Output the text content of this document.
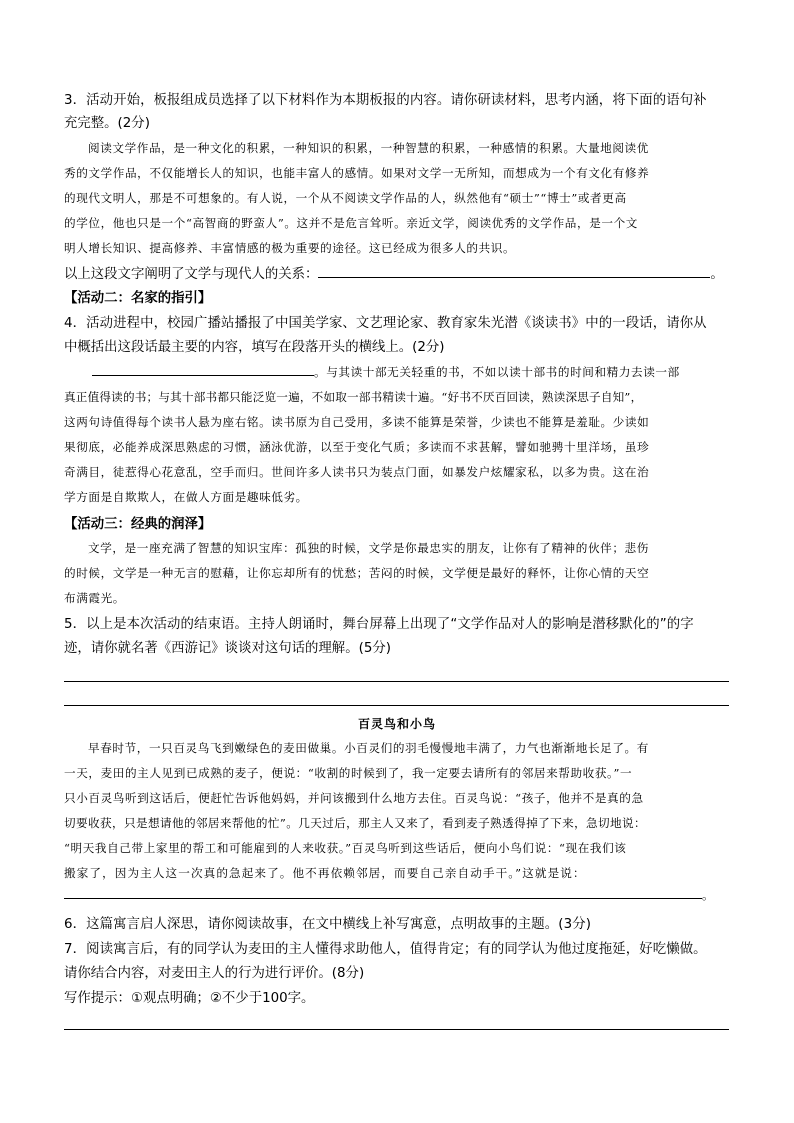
3．活动开始，板报组成员选择了以下材料作为本期板报的内容。请你研读材料，思考内涵，将下面的语句补
充完整。(2分)
阅读文学作品，是一种文化的积累，一种知识的积累，一种智慧的积累，一种感情的积累。大量地阅读优
秀的文学作品，不仅能增长人的知识，也能丰富人的感情。如果对文学一无所知，而想成为一个有文化有修养
的现代文明人，那是不可想象的。有人说，一个从不阅读文学作品的人，纵然他有“硕士”“博士”或者更高
的学位，他也只是一个“高智商的野蛮人”。这并不是危言耸听。亲近文学，阅读优秀的文学作品，是一个文
明人增长知识、提高修养、丰富情感的极为重要的途径。这已经成为很多人的共识。
以上这段文字阐明了文学与现代人的关系：	。
【活动二：名家的指引】
4．活动进程中，校园广播站播报了中国美学家、文艺理论家、教育家朱光潜《谈读书》中的一段话，请你从
中概括出这段话最主要的内容，填写在段落开头的横线上。(2分)
。与其读十部无关轻重的书，不如以读十部书的时间和精力去读一部
真正值得读的书；与其十部书都只能泛览一遍，不如取一部书精读十遍。“好书不厌百回读，熟读深思子自知”，
这两句诗值得每个读书人悬为座右铭。读书原为自己受用，多读不能算是荣誉，少读也不能算是羞耻。少读如
果彻底，必能养成深思熟虑的习惯，涵泳优游，以至于变化气质；多读而不求甚解，譬如驰骋十里洋场，虽珍
奇满目，徒惹得心花意乱，空手而归。世间许多人读书只为装点门面，如暴发户炫耀家私，以多为贵。这在治
学方面是自欺欺人，在做人方面是趣味低劣。
【活动三：经典的润泽】
文学，是一座充满了智慧的知识宝库：孤独的时候，文学是你最忠实的朋友，让你有了精神的伙伴；悲伤
的时候，文学是一种无言的慰藉，让你忘却所有的忧愁；苦闷的时候，文学便是最好的释怀，让你心情的天空
布满霞光。
5．以上是本次活动的结束语。主持人朗诵时，舞台屏幕上出现了“文学作品对人的影响是潜移默化的”的字
迹，请你就名著《西游记》谈谈对这句话的理解。(5分)
百灵鸟和小鸟
早春时节，一只百灵鸟飞到嫩绿色的麦田做巢。小百灵们的羽毛慢慢地丰满了，力气也渐渐地长足了。有
一天，麦田的主人见到已成熟的麦子，便说：“收割的时候到了，我一定要去请所有的邻居来帮助收获。”一
只小百灵鸟听到这话后，便赶忙告诉他妈妈，并问该搬到什么地方去住。百灵鸟说：“孩子，他并不是真的急
切要收获，只是想请他的邻居来帮他的忙”。几天过后，那主人又来了，看到麦子熟透得掉了下来，急切地说：
“明天我自己带上家里的帮工和可能雇到的人来收获。”百灵鸟听到这些话后，便向小鸟们说：“现在我们该
搬家了，因为主人这一次真的急起来了。他不再依赖邻居，而要自己亲自动手干。”这就是说：
。
6．这篇寓言启人深思，请你阅读故事，在文中横线上补写寓意，点明故事的主题。(3分)
7．阅读寓言后，有的同学认为麦田的主人懂得求助他人，值得肯定；有的同学认为他过度拖延，好吃懒做。
请你结合内容，对麦田主人的行为进行评价。(8分)
写作提示：①观点明确；②不少于100字。
